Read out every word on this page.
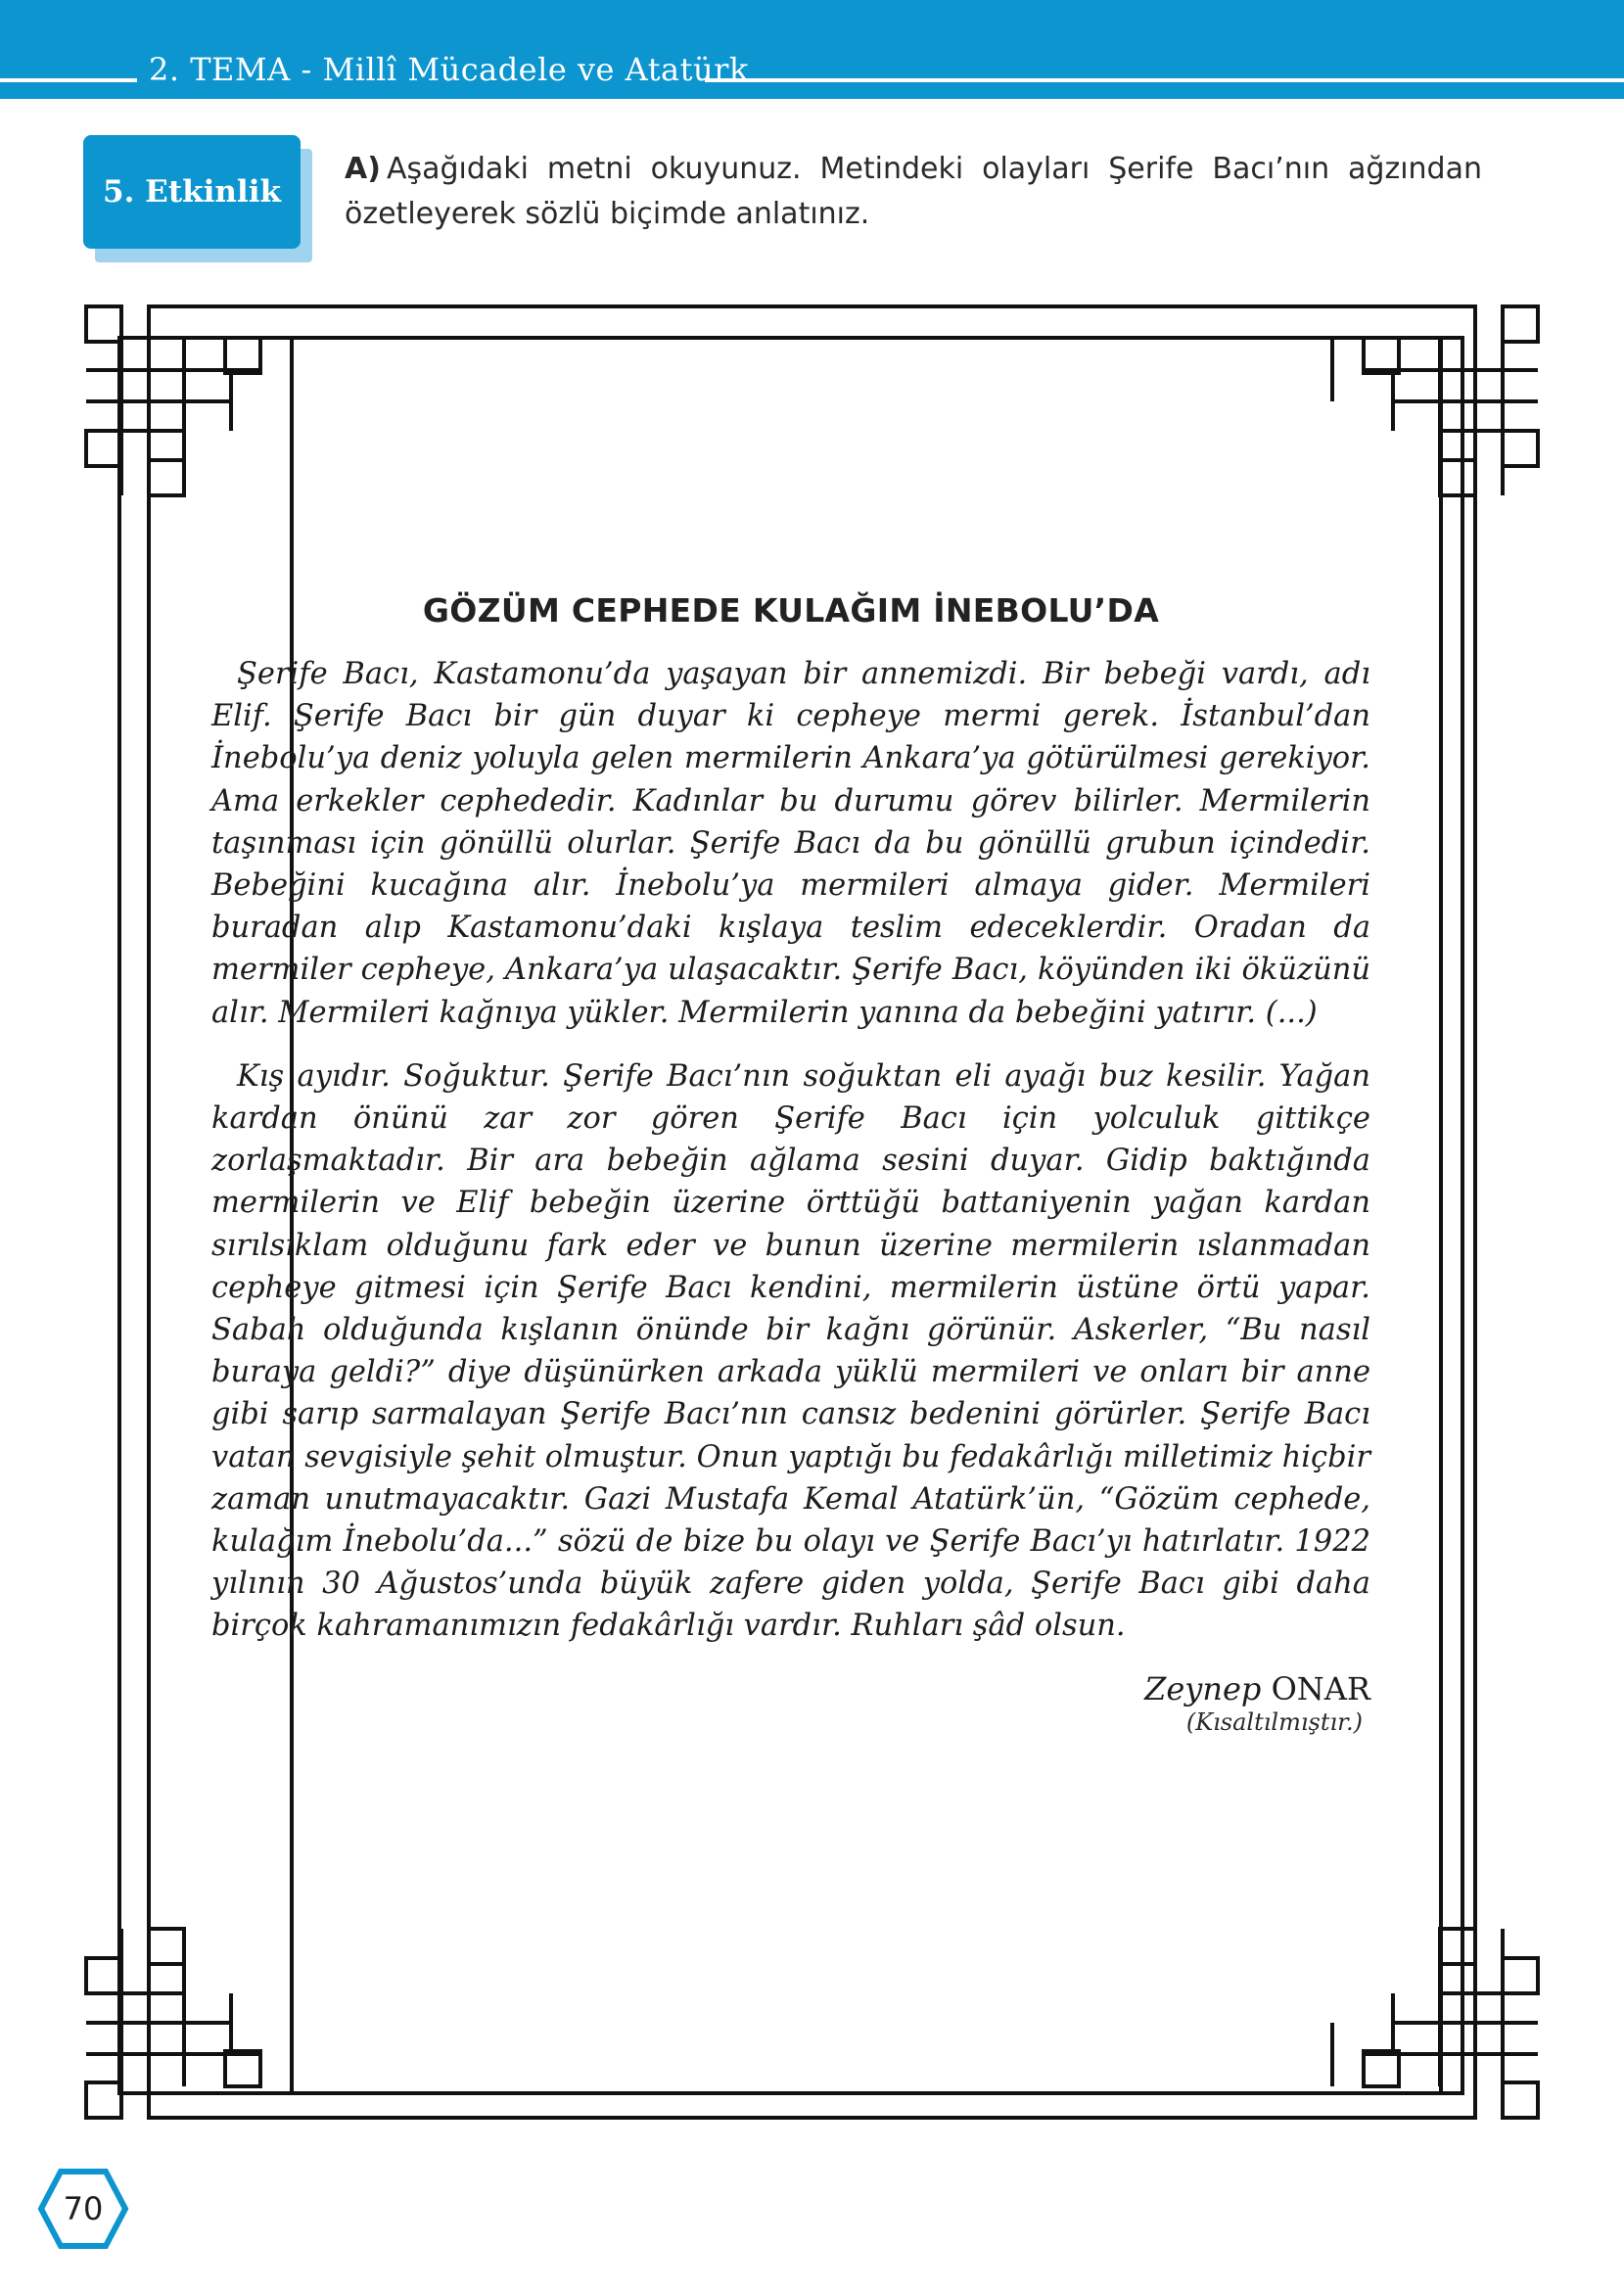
2. TEMA - Millî Mücadele ve Atatürk
5. Etkinlik
A) Aşağıdaki metni okuyunuz. Metindeki olayları Şerife Bacı’nın ağzından özetleyerek sözlü biçimde anlatınız.
GÖZÜM CEPHEDE KULAĞIM İNEBOLU’DA

Şerife Bacı, Kastamonu’da yaşayan bir annemizdi. Bir bebeği vardı, adı Elif. Şerife Bacı bir gün duyar ki cepheye mermi gerek. İstanbul’dan İnebolu’ya deniz yoluyla gelen mermilerin Ankara’ya götürülmesi gerekiyor. Ama erkekler cephededir. Kadınlar bu durumu görev bilirler. Mermilerin taşınması için gönüllü olurlar. Şerife Bacı da bu gönüllü grubun içindedir. Bebeğini kucağına alır. İnebolu’ya mermileri almaya gider. Mermileri buradan alıp Kastamonu’daki kışlaya teslim edeceklerdir. Oradan da mermiler cepheye, Ankara’ya ulaşacaktır. Şerife Bacı, köyünden iki öküzünü alır. Mermileri kağnıya yükler. Mermilerin yanına da bebeğini yatırır. (...)

Kış ayıdır. Soğuktur. Şerife Bacı’nın soğuktan eli ayağı buz kesilir. Yağan kardan önünü zar zor gören Şerife Bacı için yolculuk gittikçe zorlaşmaktadır. Bir ara bebeğin ağlama sesini duyar. Gidip baktığında mermilerin ve Elif bebeğin üzerine örttüğü battaniyenin yağan kardan sırılsıklam olduğunu fark eder ve bunun üzerine mermilerin ıslanmadan cepheye gitmesi için Şerife Bacı kendini, mermilerin üstüne örtü yapar. Sabah olduğunda kışlanın önünde bir kağnı görünür. Askerler, “Bu nasıl buraya geldi?” diye düşünürken arkada yüklü mermileri ve onları bir anne gibi sarıp sarmalayan Şerife Bacı’nın cansız bedenini görürler. Şerife Bacı vatan sevgisiyle şehit olmuştur. Onun yaptığı bu fedakârlığı milletimiz hiçbir zaman unutmayacaktır. Gazi Mustafa Kemal Atatürk’ün, “Gözüm cephede, kulağım İnebolu’da...” sözü de bize bu olayı ve Şerife Bacı’yı hatırlatır. 1922 yılının 30 Ağustos’unda büyük zafere giden yolda, Şerife Bacı gibi daha birçok kahramanımızın fedakârlığı vardır. Ruhları şâd olsun.

Zeynep ONAR
(Kısaltılmıştır.)
70
